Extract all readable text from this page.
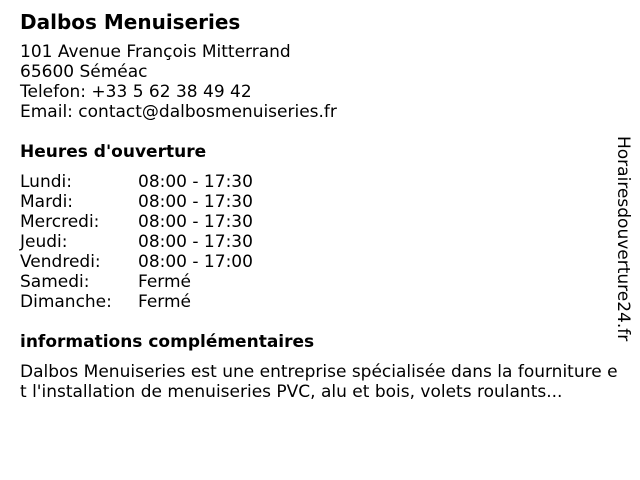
Dalbos Menuiseries
101 Avenue François Mitterrand
65600 Séméac
Telefon: +33 5 62 38 49 42
Email: contact@dalbosmenuiseries.fr
Heures d'ouverture
Lundi:	08:00 - 17:30
Mardi:	08:00 - 17:30
Mercredi:	08:00 - 17:30
Jeudi:	08:00 - 17:30
Vendredi:	08:00 - 17:00
Samedi:	Fermé
Dimanche:	Fermé
informations complémentaires
Dalbos Menuiseries est une entreprise spécialisée dans la fourniture et l'installation de menuiseries PVC, alu et bois, volets roulants...
Horairesdouverture24.fr
